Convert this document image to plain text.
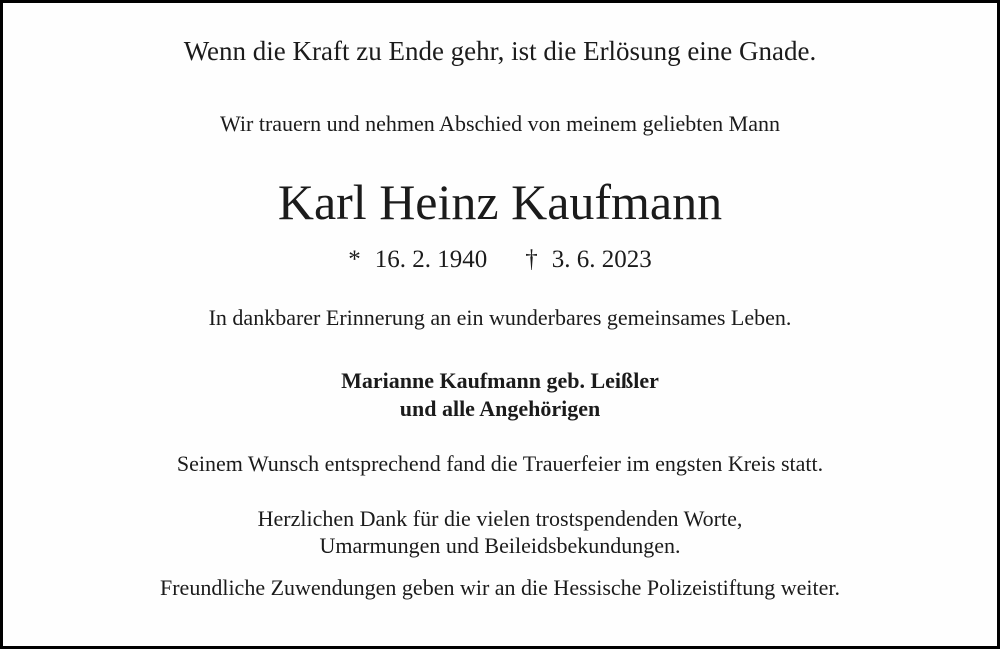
Wenn die Kraft zu Ende gehr, ist die Erlösung eine Gnade.
Wir trauern und nehmen Abschied von meinem geliebten Mann
Karl Heinz Kaufmann
* 16. 2. 1940 † 3. 6. 2023
In dankbarer Erinnerung an ein wunderbares gemeinsames Leben.
Marianne Kaufmann geb. Leißler
und alle Angehörigen
Seinem Wunsch entsprechend fand die Trauerfeier im engsten Kreis statt.
Herzlichen Dank für die vielen trostspendenden Worte,
Umarmungen und Beileidsbekundungen.
Freundliche Zuwendungen geben wir an die Hessische Polizeistiftung weiter.
